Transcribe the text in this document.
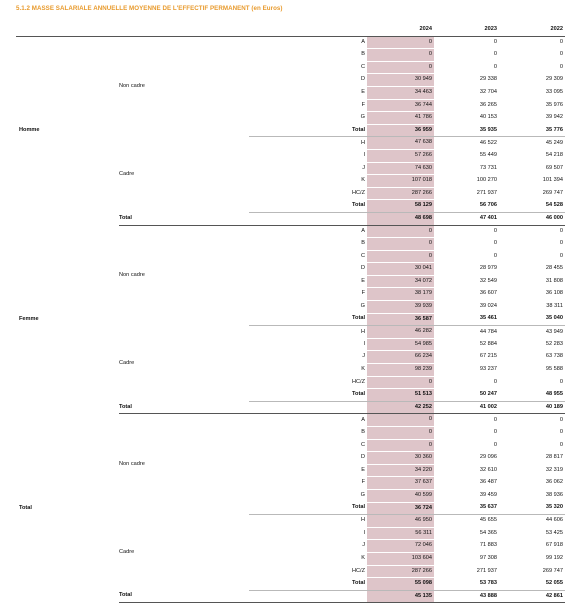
5.1.2 MASSE SALARIALE ANNUELLE MOYENNE DE L'EFFECTIF PERMANENT (en Euros)
			2024	2023	2022
Homme	Non cadre	A	0	0	0
		B	0	0	0
		C	0	0	0
		D	30 949	29 338	29 309
		E	34 463	32 704	33 095
		F	36 744	36 265	35 976
		G	41 786	40 153	39 942
		Total	36 959	35 935	35 776
	Cadre	H	47 638	46 522	45 249
		I	57 266	55 449	54 218
		J	74 630	73 731	69 507
		K	107 018	100 270	101 394
		HC/Z	287 266	271 937	269 747
		Total	58 129	56 706	54 528
	Total		48 698	47 401	46 000
Femme	Non cadre	A	0	0	0
		B	0	0	0
		C	0	0	0
		D	30 041	28 979	28 455
		E	34 072	32 549	31 808
		F	38 179	36 607	36 108
		G	39 939	39 024	38 311
		Total	36 587	35 461	35 040
	Cadre	H	46 282	44 784	43 949
		I	54 985	52 884	52 283
		J	66 234	67 215	63 738
		K	98 239	93 237	95 588
		HC/Z	0	0	0
		Total	51 513	50 247	48 955
	Total		42 252	41 002	40 189
Total	Non cadre	A	0	0	0
		B	0	0	0
		C	0	0	0
		D	30 360	29 096	28 817
		E	34 220	32 610	32 319
		F	37 637	36 487	36 062
		G	40 599	39 459	38 936
		Total	36 724	35 637	35 320
	Cadre	H	46 950	45 655	44 606
		I	56 311	54 365	53 425
		J	72 046	71 883	67 918
		K	103 604	97 308	99 192
		HC/Z	287 266	271 937	269 747
		Total	55 098	53 783	52 055
	Total		45 135	43 888	42 861
